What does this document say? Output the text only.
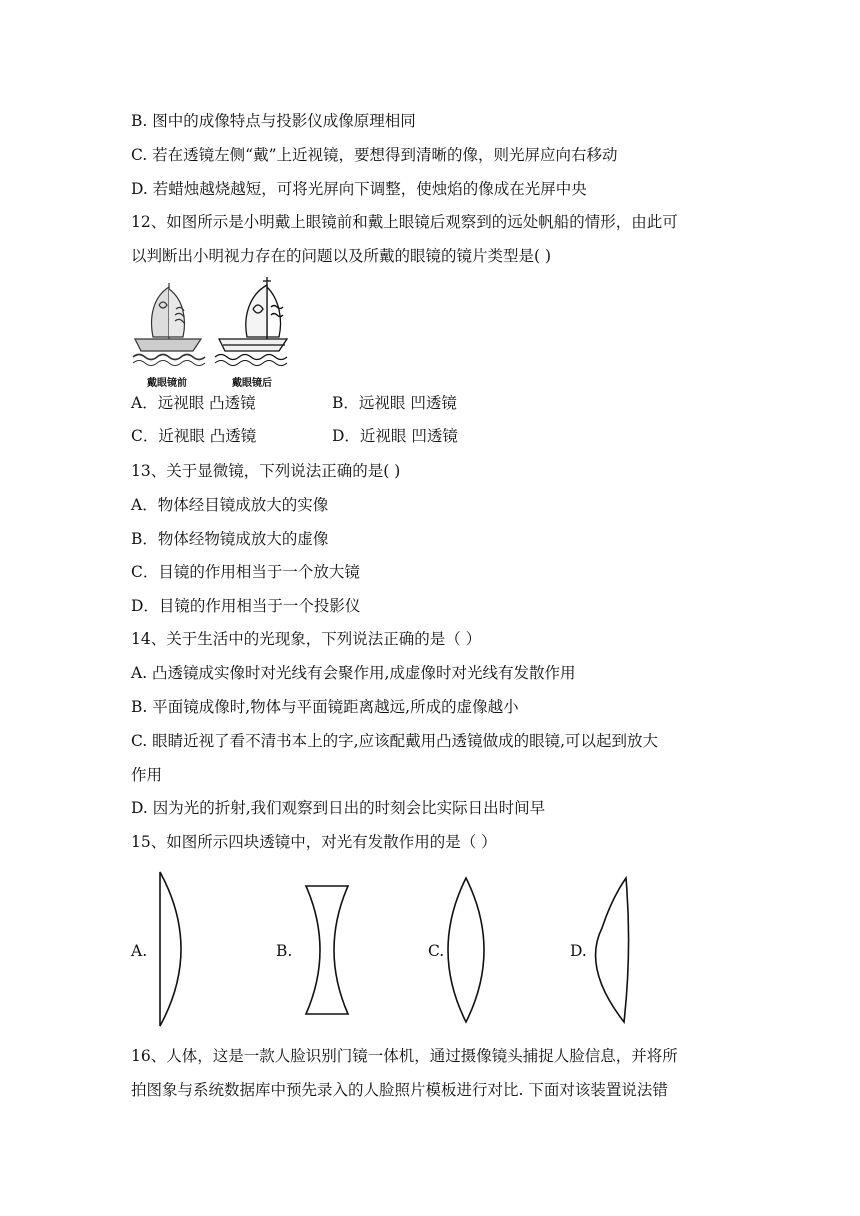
B. 图中的成像特点与投影仪成像原理相同
C. 若在透镜左侧“戴”上近视镜，要想得到清晰的像，则光屏应向右移动
D. 若蜡烛越烧越短，可将光屏向下调整，使烛焰的像成在光屏中央
12、如图所示是小明戴上眼镜前和戴上眼镜后观察到的远处帆船的情形，由此可
以判断出小明视力存在的问题以及所戴的眼镜的镜片类型是( )
戴眼镜前	戴眼镜后
A．远视眼 凸透镜	B．远视眼 凹透镜
C．近视眼 凸透镜	D．近视眼 凹透镜
13、关于显微镜，下列说法正确的是( )
A．物体经目镜成放大的实像
B．物体经物镜成放大的虚像
C．目镜的作用相当于一个放大镜
D．目镜的作用相当于一个投影仪
14、关于生活中的光现象，下列说法正确的是（ ）
A. 凸透镜成实像时对光线有会聚作用,成虚像时对光线有发散作用
B. 平面镜成像时,物体与平面镜距离越远,所成的虚像越小
C. 眼睛近视了看不清书本上的字,应该配戴用凸透镜做成的眼镜,可以起到放大
作用
D. 因为光的折射,我们观察到日出的时刻会比实际日出时间早
15、如图所示四块透镜中，对光有发散作用的是（ ）
A.	B.	C.	D.
16、人体，这是一款人脸识别门镜一体机，通过摄像镜头捕捉人脸信息，并将所
拍图象与系统数据库中预先录入的人脸照片模板进行对比. 下面对该装置说法错
